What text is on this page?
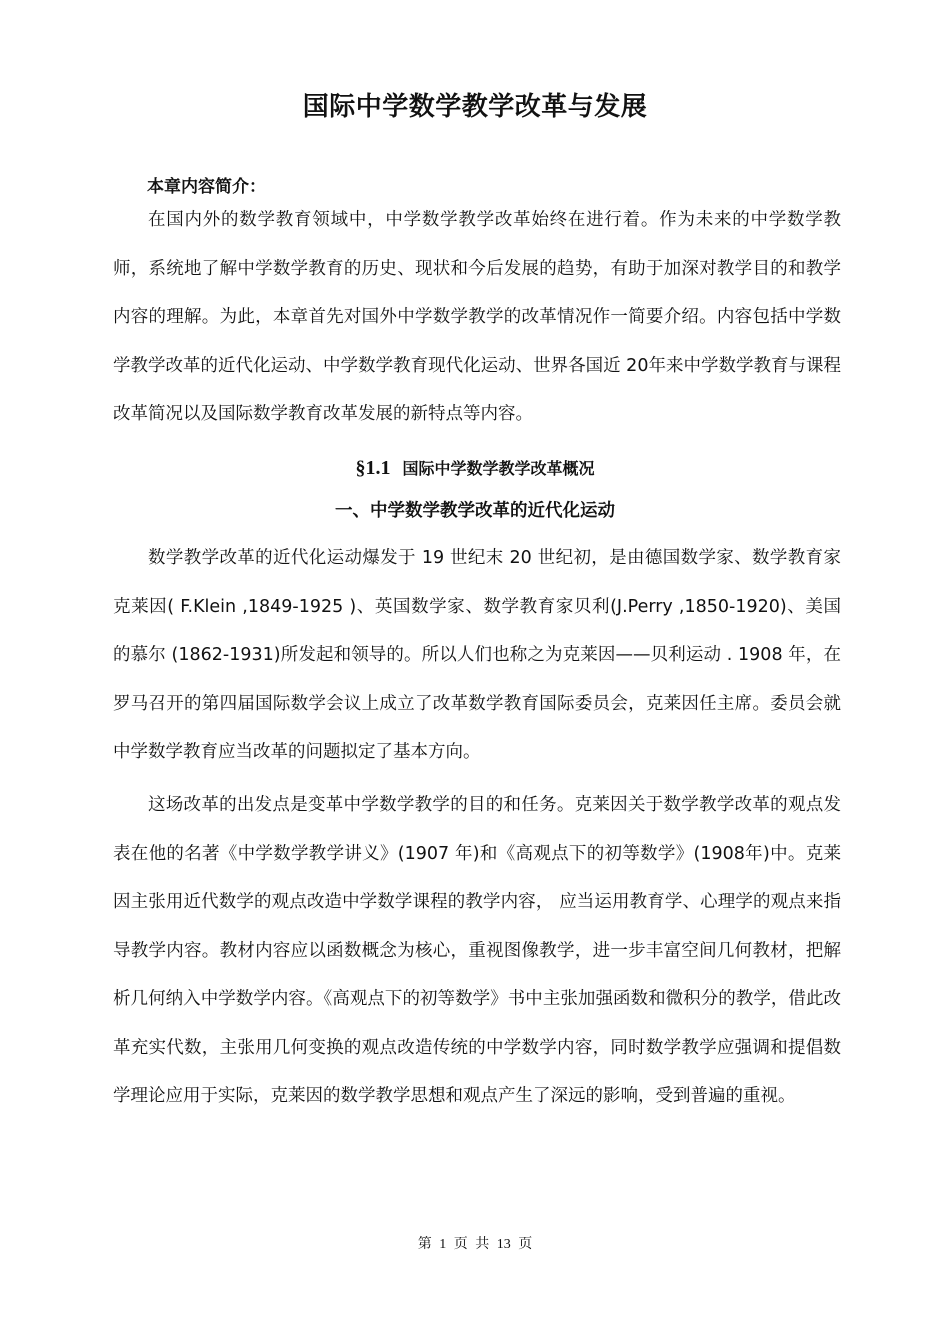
国际中学数学教学改革与发展

本章内容简介：

在国内外的数学教育领域中，中学数学教学改革始终在进行着。作为未来的中学数学教师，系统地了解中学数学教育的历史、现状和今后发展的趋势，有助于加深对教学目的和教学内容的理解。为此，本章首先对国外中学数学教学的改革情况作一简要介绍。内容包括中学数学教学改革的近代化运动、中学数学教育现代化运动、世界各国近 20年来中学数学教育与课程改革简况以及国际数学教育改革发展的新特点等内容。

§1.1 国际中学数学教学改革概况
一、中学数学教学改革的近代化运动

数学教学改革的近代化运动爆发于 19 世纪末 20 世纪初，是由德国数学家、数学教育家克莱因( F.Klein ,1849-1925 )、英国数学家、数学教育家贝利(J.Perry ,1850-1920)、美国的慕尔 (1862-1931)所发起和领导的。所以人们也称之为克莱因——贝利运动 . 1908 年，在罗马召开的第四届国际数学会议上成立了改革数学教育国际委员会，克莱因任主席。委员会就中学数学教育应当改革的问题拟定了基本方向。

这场改革的出发点是变革中学数学教学的目的和任务。克莱因关于数学教学改革的观点发表在他的名著《中学数学教学讲义》(1907 年)和《高观点下的初等数学》(1908年)中。克莱因主张用近代数学的观点改造中学数学课程的教学内容， 应当运用教育学、心理学的观点来指导教学内容。教材内容应以函数概念为核心，重视图像教学，进一步丰富空间几何教材，把解析几何纳入中学数学内容。《高观点下的初等数学》书中主张加强函数和微积分的教学，借此改革充实代数，主张用几何变换的观点改造传统的中学数学内容，同时数学教学应强调和提倡数学理论应用于实际，克莱因的数学教学思想和观点产生了深远的影响，受到普遍的重视。

第 1 页 共 13 页
